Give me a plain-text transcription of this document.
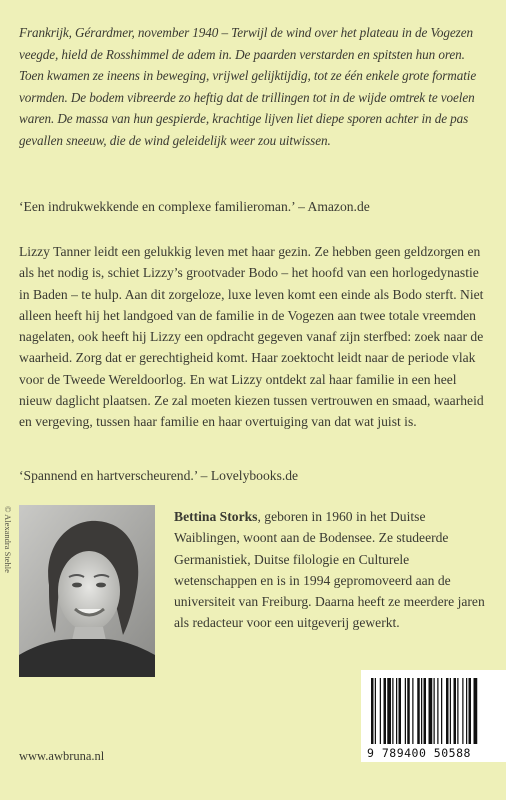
Frankrijk, Gérardmer, november 1940 – Terwijl de wind over het plateau in de Vogezen veegde, hield de Rosshimmel de adem in. De paarden verstarden en spitsten hun oren. Toen kwamen ze ineens in beweging, vrijwel gelijktijdig, tot ze één enkele grote formatie vormden. De bodem vibreerde zo heftig dat de trillingen tot in de wijde omtrek te voelen waren. De massa van hun gespierde, krachtige lijven liet diepe sporen achter in de pas gevallen sneeuw, die de wind geleidelijk weer zou uitwissen.

‘Een indrukwekkende en complexe familieroman.’ – Amazon.de

Lizzy Tanner leidt een gelukkig leven met haar gezin. Ze hebben geen geldzorgen en als het nodig is, schiet Lizzy’s grootvader Bodo – het hoofd van een horlogedynastie in Baden – te hulp. Aan dit zorgeloze, luxe leven komt een einde als Bodo sterft. Niet alleen heeft hij het landgoed van de familie in de Vogezen aan twee totale vreemden nagelaten, ook heeft hij Lizzy een opdracht gegeven vanaf zijn sterfbed: zoek naar de waarheid. Zorg dat er gerechtigheid komt. Haar zoektocht leidt naar de periode vlak voor de Tweede Wereldoorlog. En wat Lizzy ontdekt zal haar familie in een heel nieuw daglicht plaatsen. Ze zal moeten kiezen tussen vertrouwen en smaad, waarheid en vergeving, tussen haar familie en haar overtuiging van dat wat juist is.

‘Spannend en hartverscheurend.’ – Lovelybooks.de

© Alexandra Stehle	Bettina Storks, geboren in 1960 in het Duitse Waiblingen, woont aan de Bodensee. Ze studeerde Germanistiek, Duitse filologie en Culturele wetenschappen en is in 1994 gepromoveerd aan de universiteit van Freiburg. Daarna heeft ze meerdere jaren als redacteur voor een uitgeverij gewerkt.

www.awbruna.nl	9 789400 50588
